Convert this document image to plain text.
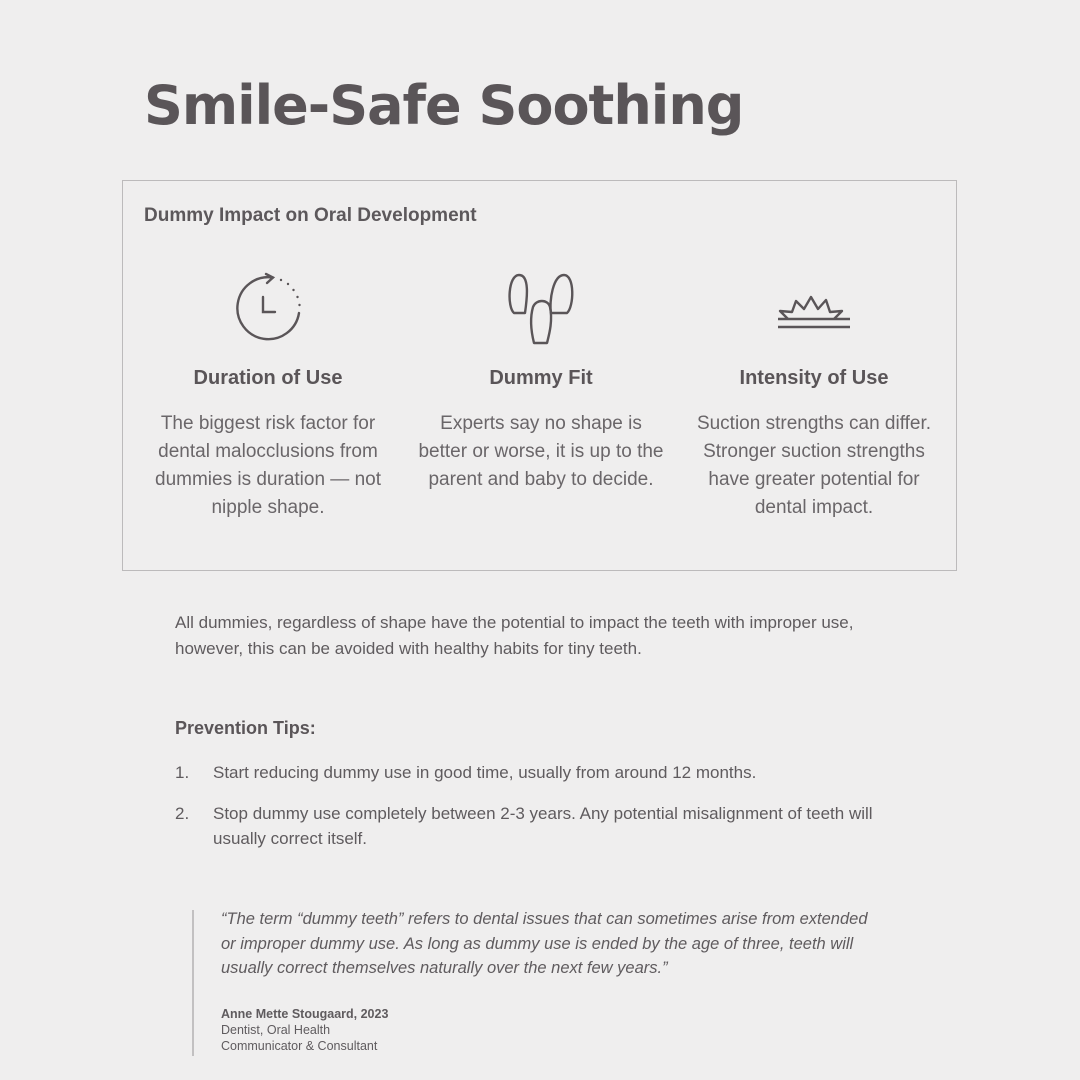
Smile-Safe Soothing
Dummy Impact on Oral Development
Duration of Use

The biggest risk factor for dental malocclusions from dummies is duration — not nipple shape.

Dummy Fit

Experts say no shape is better or worse, it is up to the parent and baby to decide.

Intensity of Use

Suction strengths can differ. Stronger suction strengths have greater potential for dental impact.

All dummies, regardless of shape have the potential to impact the teeth with improper use, however, this can be avoided with healthy habits for tiny teeth.

Prevention Tips:
1. Start reducing dummy use in good time, usually from around 12 months.
2. Stop dummy use completely between 2-3 years. Any potential misalignment of teeth will usually correct itself.

“The term “dummy teeth” refers to dental issues that can sometimes arise from extended or improper dummy use. As long as dummy use is ended by the age of three, teeth will usually correct themselves naturally over the next few years.”

Anne Mette Stougaard, 2023
Dentist, Oral Health
Communicator & Consultant
